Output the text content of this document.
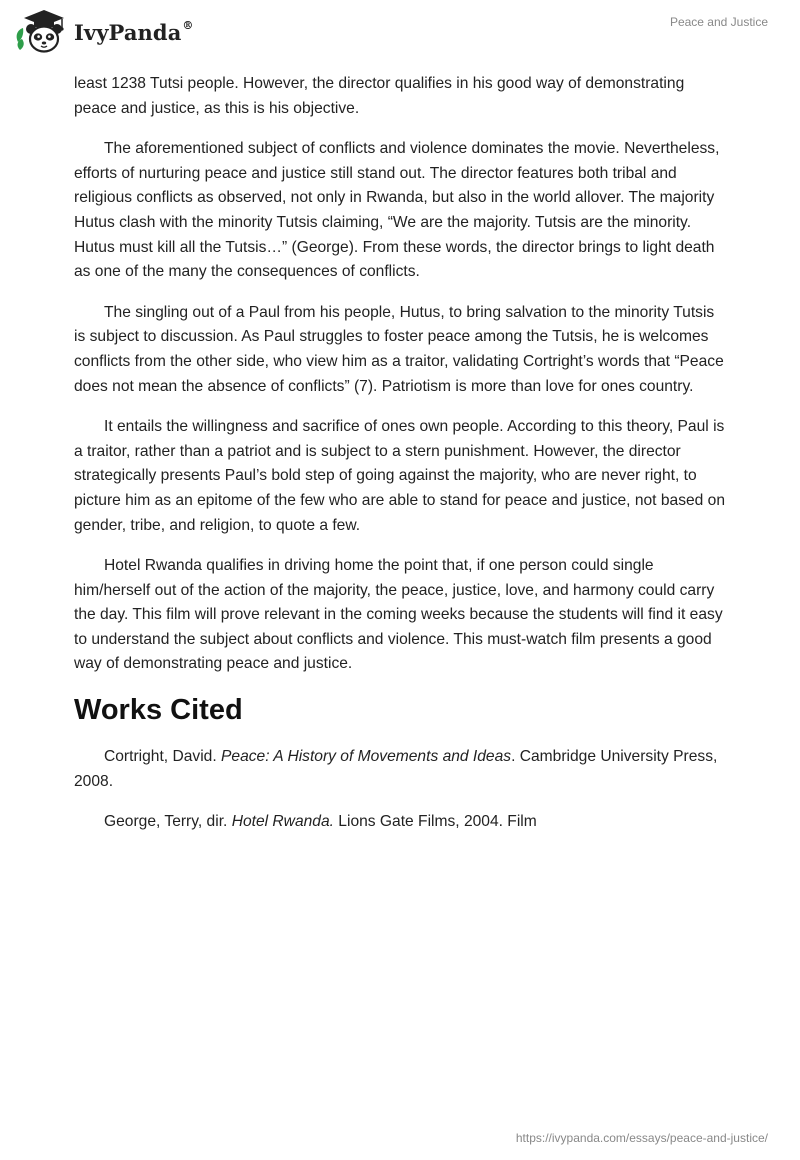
IvyPanda®	Peace and Justice

least 1238 Tutsi people. However, the director qualifies in his good way of demonstrating peace and justice, as this is his objective.

The aforementioned subject of conflicts and violence dominates the movie. Nevertheless, efforts of nurturing peace and justice still stand out. The director features both tribal and religious conflicts as observed, not only in Rwanda, but also in the world allover. The majority Hutus clash with the minority Tutsis claiming, “We are the majority. Tutsis are the minority. Hutus must kill all the Tutsis…” (George). From these words, the director brings to light death as one of the many the consequences of conflicts.

The singling out of a Paul from his people, Hutus, to bring salvation to the minority Tutsis is subject to discussion. As Paul struggles to foster peace among the Tutsis, he is welcomes conflicts from the other side, who view him as a traitor, validating Cortright’s words that “Peace does not mean the absence of conflicts” (7). Patriotism is more than love for ones country.

It entails the willingness and sacrifice of ones own people. According to this theory, Paul is a traitor, rather than a patriot and is subject to a stern punishment. However, the director strategically presents Paul’s bold step of going against the majority, who are never right, to picture him as an epitome of the few who are able to stand for peace and justice, not based on gender, tribe, and religion, to quote a few.

Hotel Rwanda qualifies in driving home the point that, if one person could single him/herself out of the action of the majority, the peace, justice, love, and harmony could carry the day. This film will prove relevant in the coming weeks because the students will find it easy to understand the subject about conflicts and violence. This must-watch film presents a good way of demonstrating peace and justice.

Works Cited

Cortright, David. Peace: A History of Movements and Ideas. Cambridge University Press, 2008.

George, Terry, dir. Hotel Rwanda. Lions Gate Films, 2004. Film

https://ivypanda.com/essays/peace-and-justice/
